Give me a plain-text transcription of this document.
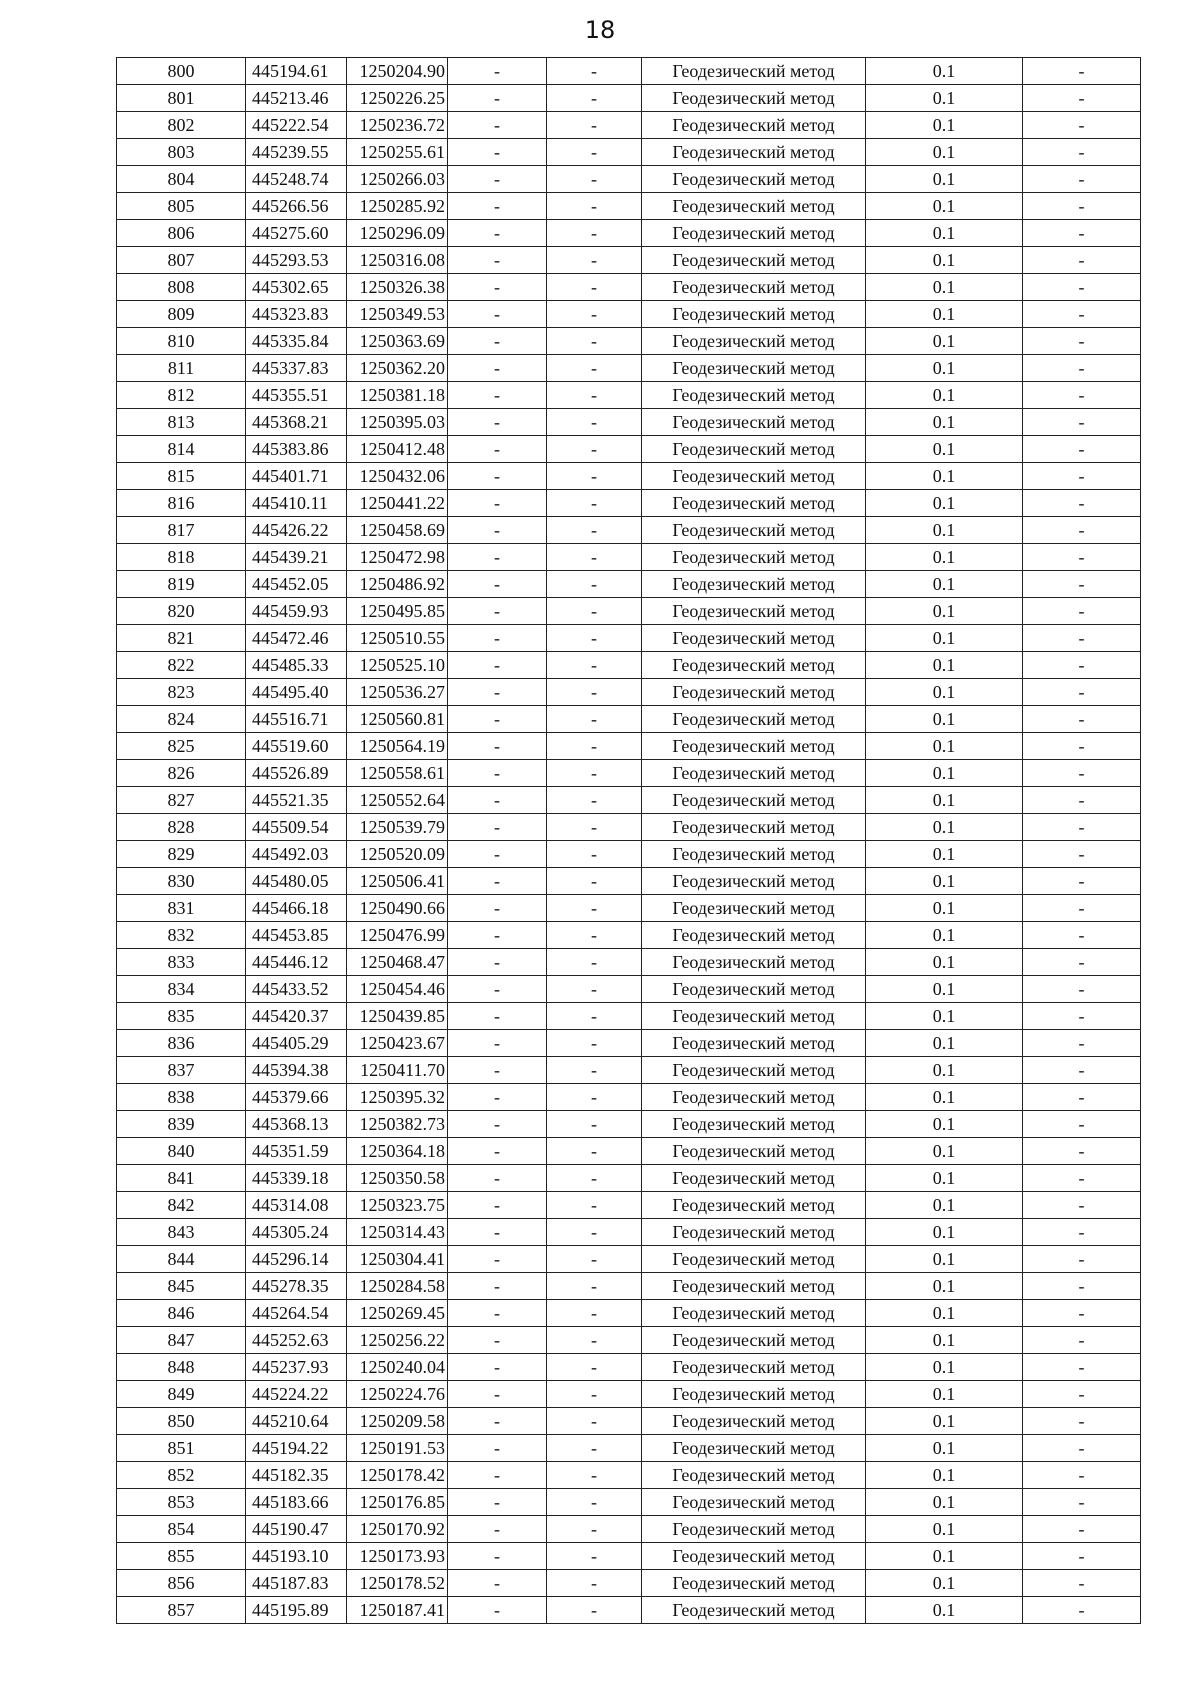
18
800	445194.61	1250204.90	-	-	Геодезический метод	0.1	-
801	445213.46	1250226.25	-	-	Геодезический метод	0.1	-
802	445222.54	1250236.72	-	-	Геодезический метод	0.1	-
803	445239.55	1250255.61	-	-	Геодезический метод	0.1	-
804	445248.74	1250266.03	-	-	Геодезический метод	0.1	-
805	445266.56	1250285.92	-	-	Геодезический метод	0.1	-
806	445275.60	1250296.09	-	-	Геодезический метод	0.1	-
807	445293.53	1250316.08	-	-	Геодезический метод	0.1	-
808	445302.65	1250326.38	-	-	Геодезический метод	0.1	-
809	445323.83	1250349.53	-	-	Геодезический метод	0.1	-
810	445335.84	1250363.69	-	-	Геодезический метод	0.1	-
811	445337.83	1250362.20	-	-	Геодезический метод	0.1	-
812	445355.51	1250381.18	-	-	Геодезический метод	0.1	-
813	445368.21	1250395.03	-	-	Геодезический метод	0.1	-
814	445383.86	1250412.48	-	-	Геодезический метод	0.1	-
815	445401.71	1250432.06	-	-	Геодезический метод	0.1	-
816	445410.11	1250441.22	-	-	Геодезический метод	0.1	-
817	445426.22	1250458.69	-	-	Геодезический метод	0.1	-
818	445439.21	1250472.98	-	-	Геодезический метод	0.1	-
819	445452.05	1250486.92	-	-	Геодезический метод	0.1	-
820	445459.93	1250495.85	-	-	Геодезический метод	0.1	-
821	445472.46	1250510.55	-	-	Геодезический метод	0.1	-
822	445485.33	1250525.10	-	-	Геодезический метод	0.1	-
823	445495.40	1250536.27	-	-	Геодезический метод	0.1	-
824	445516.71	1250560.81	-	-	Геодезический метод	0.1	-
825	445519.60	1250564.19	-	-	Геодезический метод	0.1	-
826	445526.89	1250558.61	-	-	Геодезический метод	0.1	-
827	445521.35	1250552.64	-	-	Геодезический метод	0.1	-
828	445509.54	1250539.79	-	-	Геодезический метод	0.1	-
829	445492.03	1250520.09	-	-	Геодезический метод	0.1	-
830	445480.05	1250506.41	-	-	Геодезический метод	0.1	-
831	445466.18	1250490.66	-	-	Геодезический метод	0.1	-
832	445453.85	1250476.99	-	-	Геодезический метод	0.1	-
833	445446.12	1250468.47	-	-	Геодезический метод	0.1	-
834	445433.52	1250454.46	-	-	Геодезический метод	0.1	-
835	445420.37	1250439.85	-	-	Геодезический метод	0.1	-
836	445405.29	1250423.67	-	-	Геодезический метод	0.1	-
837	445394.38	1250411.70	-	-	Геодезический метод	0.1	-
838	445379.66	1250395.32	-	-	Геодезический метод	0.1	-
839	445368.13	1250382.73	-	-	Геодезический метод	0.1	-
840	445351.59	1250364.18	-	-	Геодезический метод	0.1	-
841	445339.18	1250350.58	-	-	Геодезический метод	0.1	-
842	445314.08	1250323.75	-	-	Геодезический метод	0.1	-
843	445305.24	1250314.43	-	-	Геодезический метод	0.1	-
844	445296.14	1250304.41	-	-	Геодезический метод	0.1	-
845	445278.35	1250284.58	-	-	Геодезический метод	0.1	-
846	445264.54	1250269.45	-	-	Геодезический метод	0.1	-
847	445252.63	1250256.22	-	-	Геодезический метод	0.1	-
848	445237.93	1250240.04	-	-	Геодезический метод	0.1	-
849	445224.22	1250224.76	-	-	Геодезический метод	0.1	-
850	445210.64	1250209.58	-	-	Геодезический метод	0.1	-
851	445194.22	1250191.53	-	-	Геодезический метод	0.1	-
852	445182.35	1250178.42	-	-	Геодезический метод	0.1	-
853	445183.66	1250176.85	-	-	Геодезический метод	0.1	-
854	445190.47	1250170.92	-	-	Геодезический метод	0.1	-
855	445193.10	1250173.93	-	-	Геодезический метод	0.1	-
856	445187.83	1250178.52	-	-	Геодезический метод	0.1	-
857	445195.89	1250187.41	-	-	Геодезический метод	0.1	-
